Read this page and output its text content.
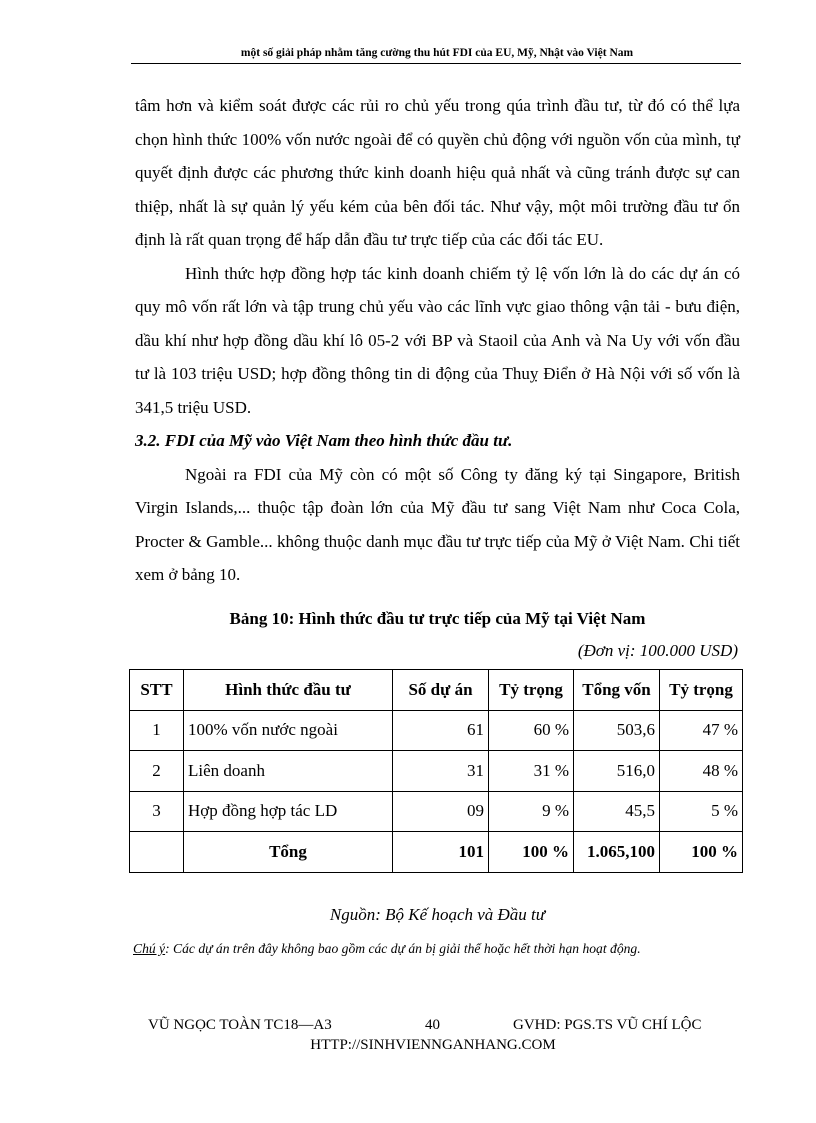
một số giải pháp nhằm tăng cường thu hút FDI của EU, Mỹ, Nhật vào Việt Nam

tâm hơn và kiểm soát được các rủi ro chủ yếu trong qúa trình đầu tư, từ đó có thể lựa chọn hình thức 100% vốn nước ngoài để có quyền chủ động với nguồn vốn của mình, tự quyết định được các phương thức kinh doanh hiệu quả nhất và cũng tránh được sự can thiệp, nhất là sự quản lý yếu kém của bên đối tác. Như vậy, một môi trường đầu tư ổn định là rất quan trọng để hấp dẫn đầu tư trực tiếp của các đối tác EU.

Hình thức hợp đồng hợp tác kinh doanh chiếm tỷ lệ vốn lớn là do các dự án có quy mô vốn rất lớn và tập trung chủ yếu vào các lĩnh vực giao thông vận tải - bưu điện, dầu khí như hợp đồng dầu khí lô 05-2 với BP và Staoil của Anh và Na Uy với vốn đầu tư là 103 triệu USD; hợp đồng thông tin di động của Thuỵ Điển ở Hà Nội với số vốn là 341,5 triệu USD.

3.2. FDI của Mỹ vào Việt Nam theo hình thức đầu tư.

Ngoài ra FDI của Mỹ còn có một số Công ty đăng ký tại Singapore, British Virgin Islands,... thuộc tập đoàn lớn của Mỹ đầu tư sang Việt Nam như Coca Cola, Procter & Gamble... không thuộc danh mục đầu tư trực tiếp của Mỹ ở Việt Nam. Chi tiết xem ở bảng 10.

Bảng 10: Hình thức đầu tư trực tiếp của Mỹ tại Việt Nam
(Đơn vị: 100.000 USD)
STT	Hình thức đầu tư	Số dự án	Tỷ trọng	Tổng vốn	Tỷ trọng
1	100% vốn nước ngoài	61	60 %	503,6	47 %
2	Liên doanh	31	31 %	516,0	48 %
3	Hợp đồng hợp tác LD	09	9 %	45,5	5 %
	Tổng	101	100 %	1.065,100	100 %
Nguồn: Bộ Kế hoạch và Đầu tư
Chú ý: Các dự án trên đây không bao gồm các dự án bị giải thể hoặc hết thời hạn hoạt động.
VŨ NGỌC TOÀN TC18—A3	40	GVHD: PGS.TS VŨ CHÍ LỘC
HTTP://SINHVIENNGANHANG.COM
